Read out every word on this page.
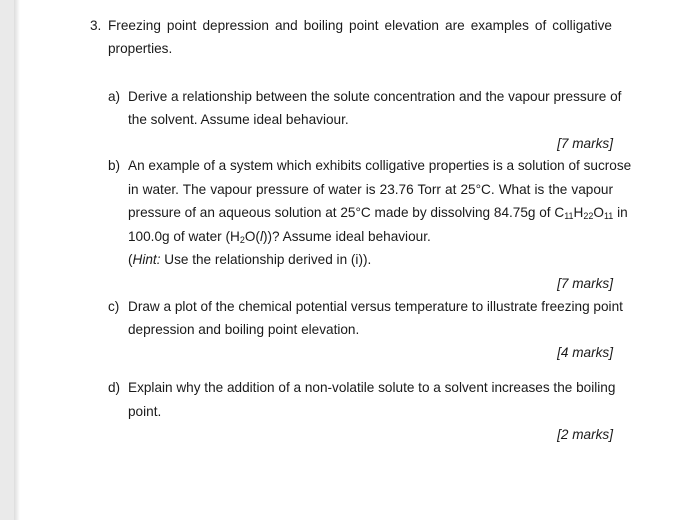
3. Freezing point depression and boiling point elevation are examples of colligative
properties.
a) Derive a relationship between the solute concentration and the vapour pressure of
the solvent. Assume ideal behaviour.
[7 marks]
b) An example of a system which exhibits colligative properties is a solution of sucrose
in water. The vapour pressure of water is 23.76 Torr at 25°C. What is the vapour
pressure of an aqueous solution at 25°C made by dissolving 84.75g of $C_{11}H_{22}O_{11}$ in
100.0g of water $(H_2O(l))$? Assume ideal behaviour.
(Hint: Use the relationship derived in (i)).
[7 marks]
c) Draw a plot of the chemical potential versus temperature to illustrate freezing point
depression and boiling point elevation.
[4 marks]
d) Explain why the addition of a non-volatile solute to a solvent increases the boiling
point.
[2 marks]
